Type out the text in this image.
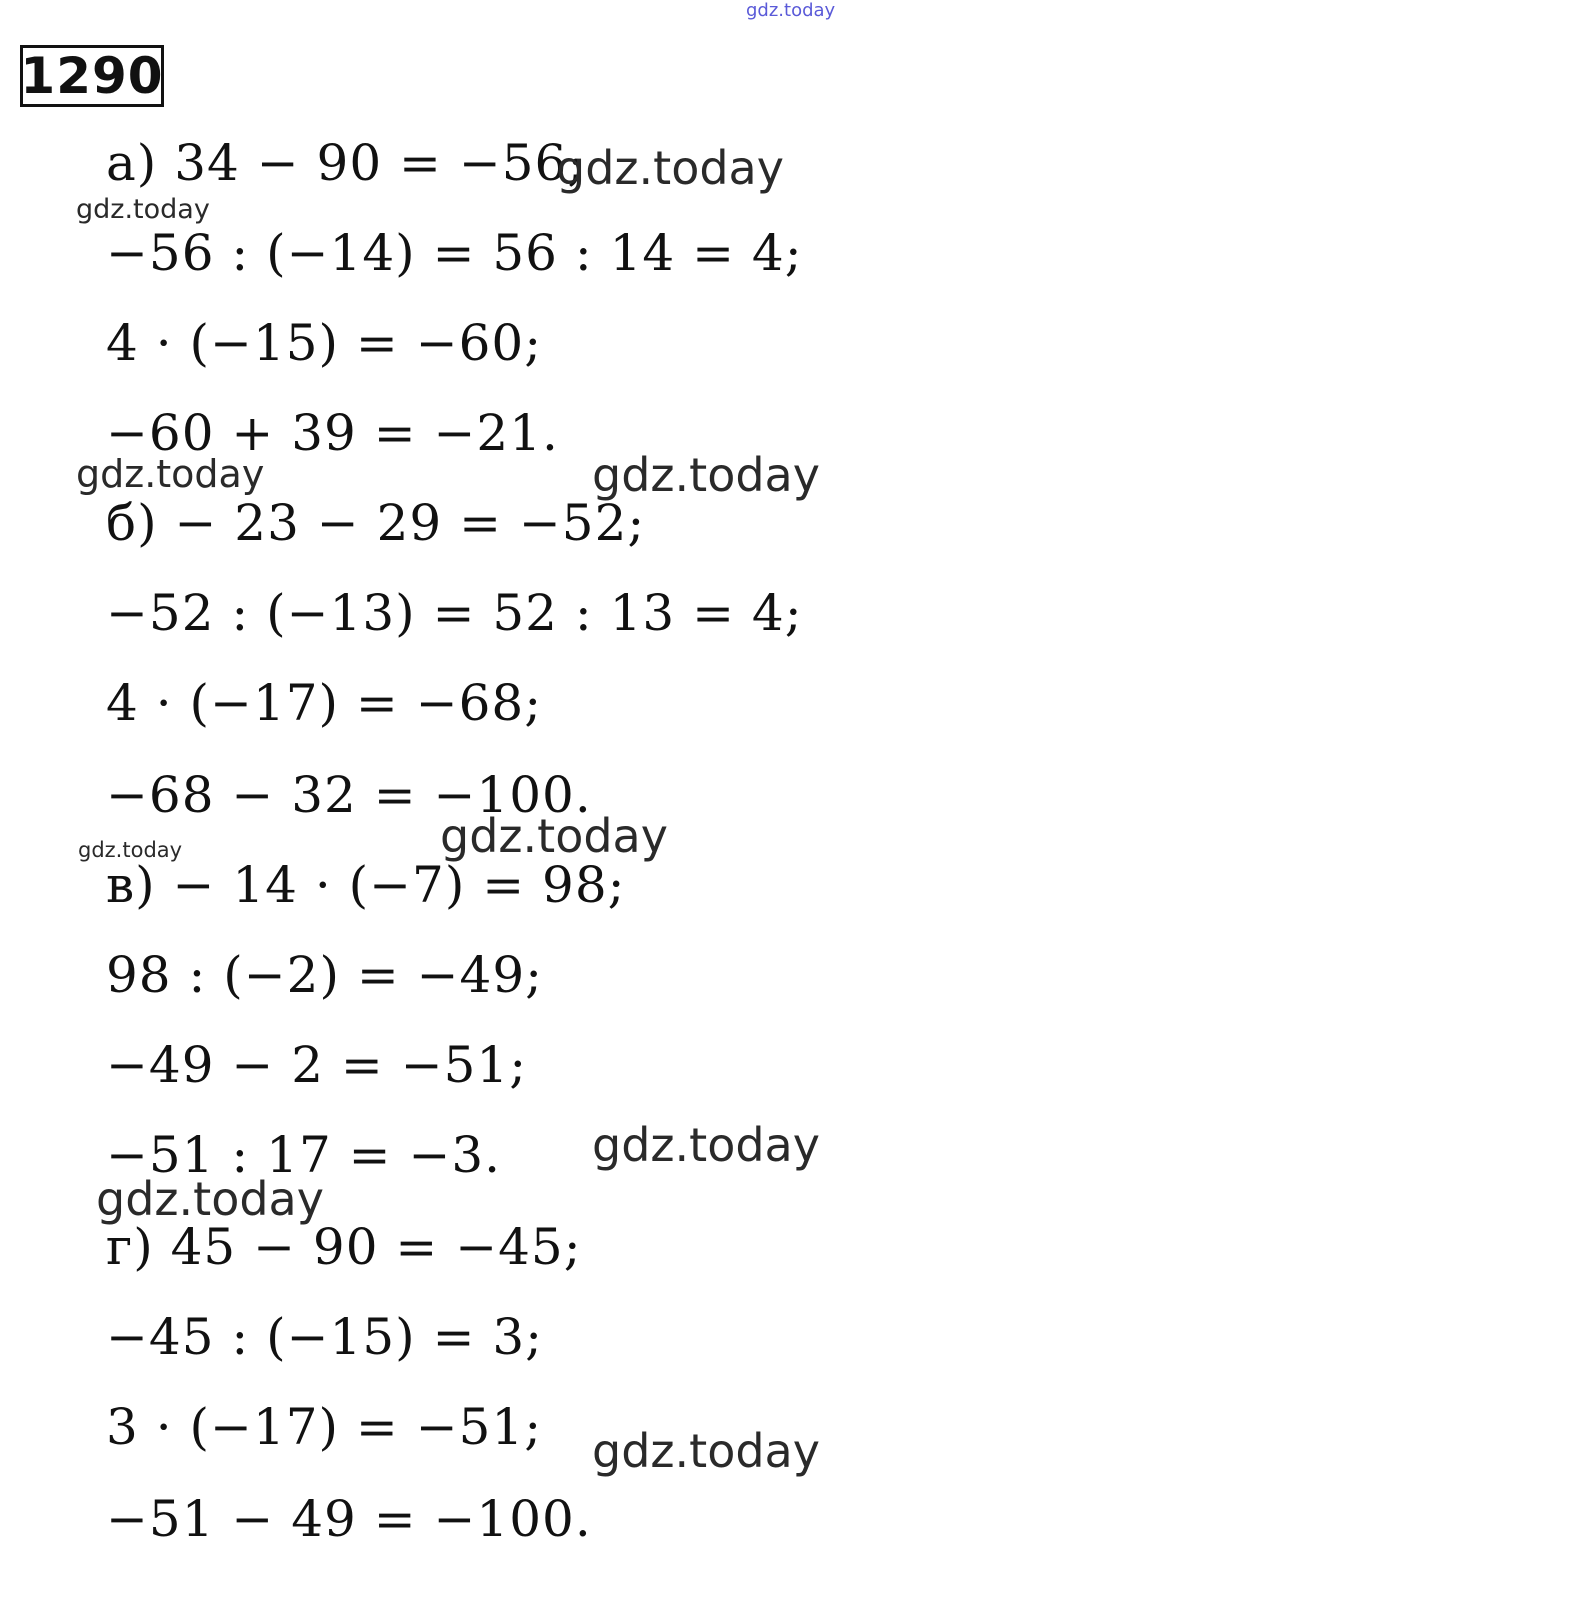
gdz.today
1290
а) 34 − 90 = −56;
−56 : (−14) = 56 : 14 = 4;
4 · (−15) = −60;
−60 + 39 = −21.
б) − 23 − 29 = −52;
−52 : (−13) = 52 : 13 = 4;
4 · (−17) = −68;
−68 − 32 = −100.
в) − 14 · (−7) = 98;
98 : (−2) = −49;
−49 − 2 = −51;
−51 : 17 = −3.
г) 45 − 90 = −45;
−45 : (−15) = 3;
3 · (−17) = −51;
−51 − 49 = −100.
gdz.today
gdz.today
gdz.today	gdz.today
gdz.today
gdz.today
gdz.today
gdz.today
gdz.today
